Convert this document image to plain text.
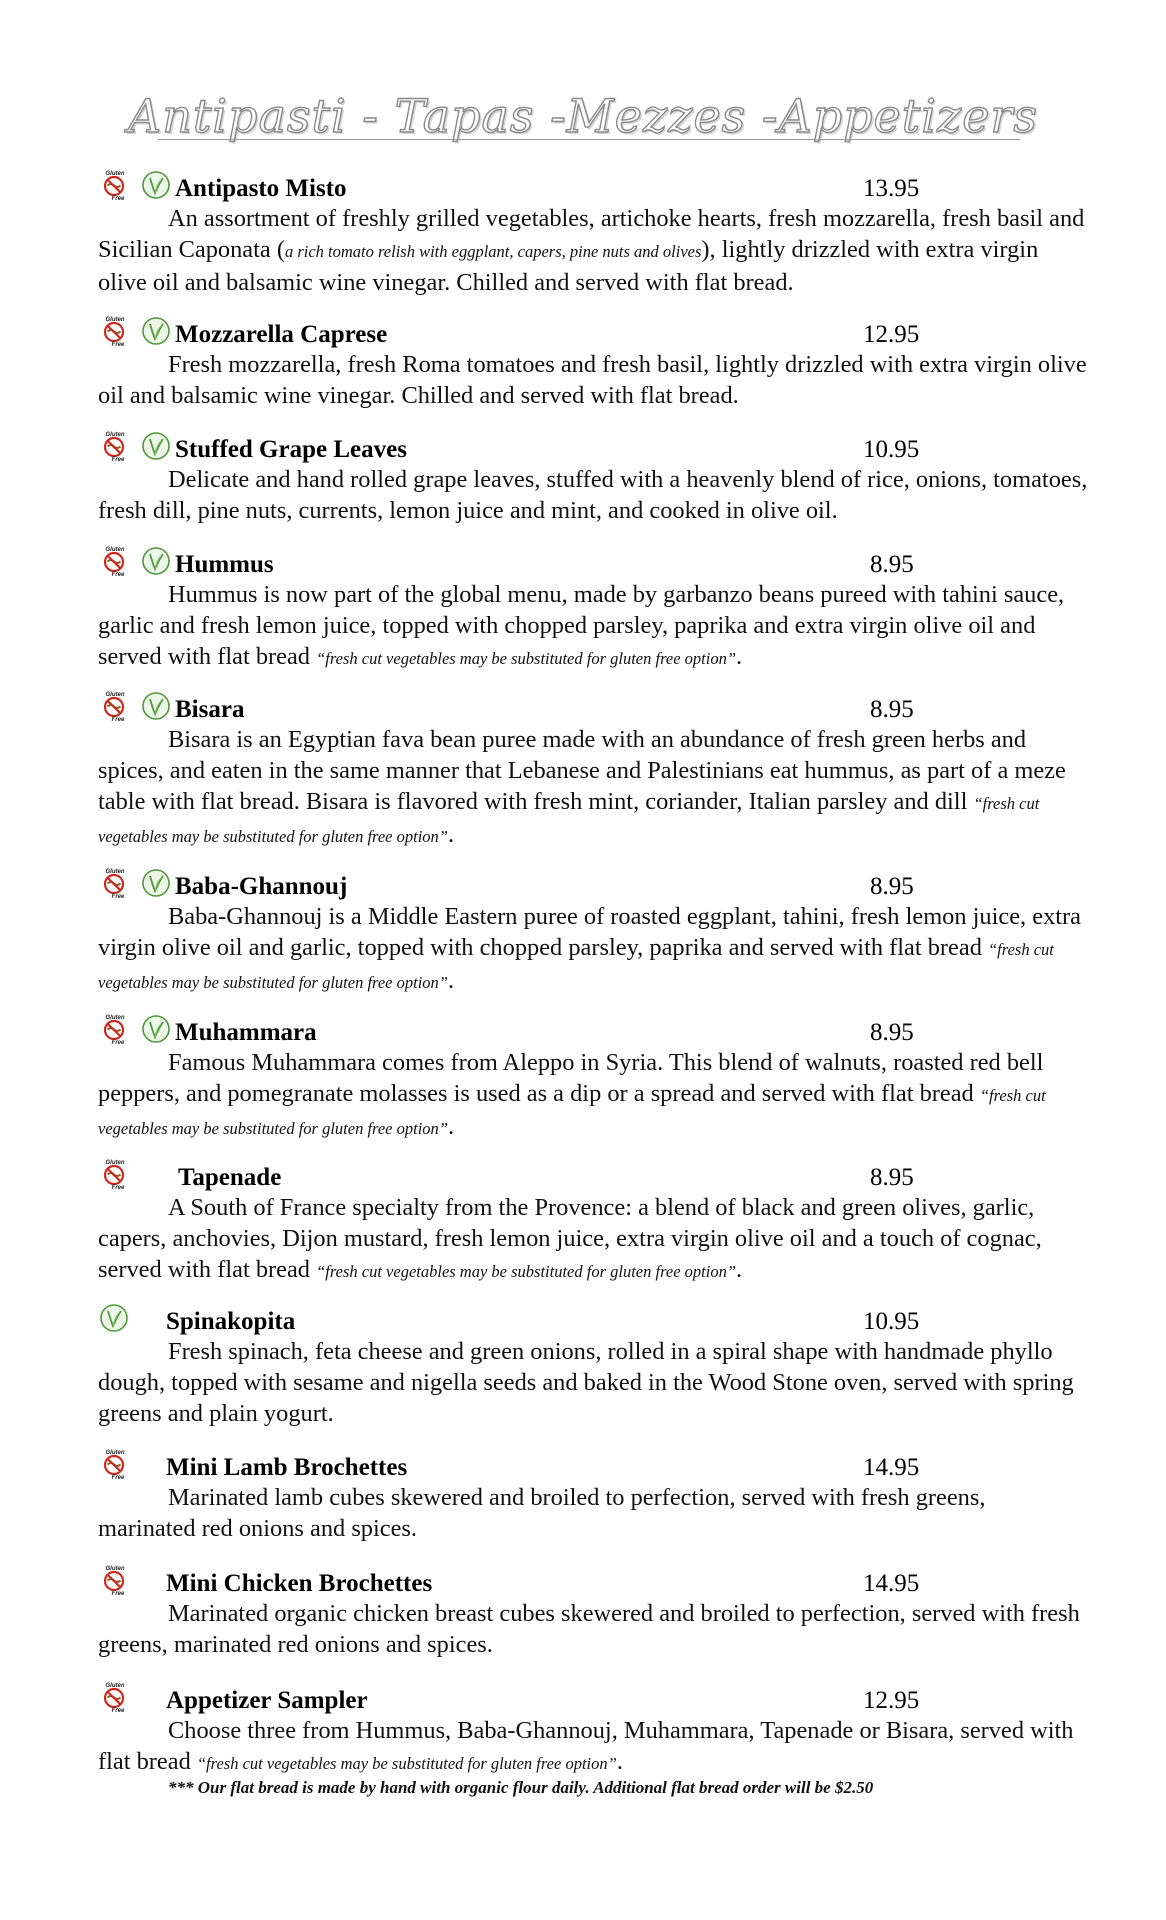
Antipasti - Tapas -Mezzes -Appetizers
Gluten
Free Antipasto Misto	13.95

An assortment of freshly grilled vegetables, artichoke hearts, fresh mozzarella, fresh basil and Sicilian Caponata (a rich tomato relish with eggplant, capers, pine nuts and olives), lightly drizzled with extra virgin olive oil and balsamic wine vinegar. Chilled and served with flat bread.

Gluten
Free Mozzarella Caprese	12.95

Fresh mozzarella, fresh Roma tomatoes and fresh basil, lightly drizzled with extra virgin olive oil and balsamic wine vinegar. Chilled and served with flat bread.

Gluten
Free Stuffed Grape Leaves	10.95

Delicate and hand rolled grape leaves, stuffed with a heavenly blend of rice, onions, tomatoes, fresh dill, pine nuts, currents, lemon juice and mint, and cooked in olive oil.

Gluten
Free Hummus	8.95

Hummus is now part of the global menu, made by garbanzo beans pureed with tahini sauce, garlic and fresh lemon juice, topped with chopped parsley, paprika and extra virgin olive oil and served with flat bread “fresh cut vegetables may be substituted for gluten free option”.

Gluten
Free Bisara	8.95

Bisara is an Egyptian fava bean puree made with an abundance of fresh green herbs and spices, and eaten in the same manner that Lebanese and Palestinians eat hummus, as part of a meze table with flat bread. Bisara is flavored with fresh mint, coriander, Italian parsley and dill “fresh cut vegetables may be substituted for gluten free option”.

Gluten
Free Baba-Ghannouj	8.95

Baba-Ghannouj is a Middle Eastern puree of roasted eggplant, tahini, fresh lemon juice, extra virgin olive oil and garlic, topped with chopped parsley, paprika and served with flat bread “fresh cut vegetables may be substituted for gluten free option”.

Gluten
Free Muhammara	8.95

Famous Muhammara comes from Aleppo in Syria. This blend of walnuts, roasted red bell peppers, and pomegranate molasses is used as a dip or a spread and served with flat bread “fresh cut vegetables may be substituted for gluten free option”.

Gluten
Free Tapenade	8.95

A South of France specialty from the Provence: a blend of black and green olives, garlic, capers, anchovies, Dijon mustard, fresh lemon juice, extra virgin olive oil and a touch of cognac, served with flat bread “fresh cut vegetables may be substituted for gluten free option”.

Spinakopita	10.95

Fresh spinach, feta cheese and green onions, rolled in a spiral shape with handmade phyllo dough, topped with sesame and nigella seeds and baked in the Wood Stone oven, served with spring greens and plain yogurt.

Gluten
Free Mini Lamb Brochettes	14.95

Marinated lamb cubes skewered and broiled to perfection, served with fresh greens, marinated red onions and spices.

Gluten
Free Mini Chicken Brochettes	14.95

Marinated organic chicken breast cubes skewered and broiled to perfection, served with fresh greens, marinated red onions and spices.

Gluten
Free Appetizer Sampler	12.95

Choose three from Hummus, Baba-Ghannouj, Muhammara, Tapenade or Bisara, served with flat bread “fresh cut vegetables may be substituted for gluten free option”.

*** Our flat bread is made by hand with organic flour daily. Additional flat bread order will be $2.50
